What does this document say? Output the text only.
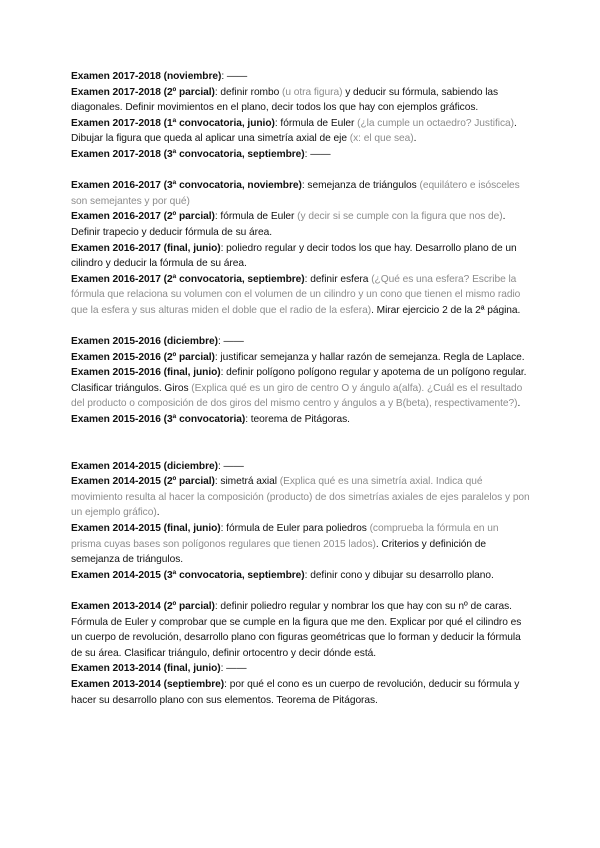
Examen 2017-2018 (noviembre): ——

Examen 2017-2018 (2º parcial): definir rombo (u otra figura) y deducir su fórmula, sabiendo las diagonales. Definir movimientos en el plano, decir todos los que hay con ejemplos gráficos.

Examen 2017-2018 (1ª convocatoria, junio): fórmula de Euler (¿la cumple un octaedro? Justifica). Dibujar la figura que queda al aplicar una simetría axial de eje (x: el que sea).

Examen 2017-2018 (3ª convocatoria, septiembre): ——

Examen 2016-2017 (3ª convocatoria, noviembre): semejanza de triángulos (equilátero e isósceles son semejantes y por qué)

Examen 2016-2017 (2º parcial): fórmula de Euler (y decir si se cumple con la figura que nos de). Definir trapecio y deducir fórmula de su área.

Examen 2016-2017 (final, junio): poliedro regular y decir todos los que hay. Desarrollo plano de un cilindro y deducir la fórmula de su área.

Examen 2016-2017 (2ª convocatoria, septiembre): definir esfera (¿Qué es una esfera? Escribe la fórmula que relaciona su volumen con el volumen de un cilindro y un cono que tienen el mismo radio que la esfera y sus alturas miden el doble que el radio de la esfera). Mirar ejercicio 2 de la 2ª página.

Examen 2015-2016 (diciembre): ——

Examen 2015-2016 (2º parcial): justificar semejanza y hallar razón de semejanza. Regla de Laplace.

Examen 2015-2016 (final, junio): definir polígono polígono regular y apotema de un polígono regular. Clasificar triángulos. Giros (Explica qué es un giro de centro O y ángulo a(alfa). ¿Cuál es el resultado del producto o composición de dos giros del mismo centro y ángulos a y B(beta), respectivamente?).

Examen 2015-2016 (3ª convocatoria): teorema de Pitágoras.

Examen 2014-2015 (diciembre): ——

Examen 2014-2015 (2º parcial): simetrá axial (Explica qué es una simetría axial. Indica qué movimiento resulta al hacer la composición (producto) de dos simetrías axiales de ejes paralelos y pon un ejemplo gráfico).

Examen 2014-2015 (final, junio): fórmula de Euler para poliedros (comprueba la fórmula en un prisma cuyas bases son polígonos regulares que tienen 2015 lados). Criterios y definición de semejanza de triángulos.

Examen 2014-2015 (3ª convocatoria, septiembre): definir cono y dibujar su desarrollo plano.

Examen 2013-2014 (2º parcial): definir poliedro regular y nombrar los que hay con su nº de caras. Fórmula de Euler y comprobar que se cumple en la figura que me den. Explicar por qué el cilindro es un cuerpo de revolución, desarrollo plano con figuras geométricas que lo forman y deducir la fórmula de su área. Clasificar triángulo, definir ortocentro y decir dónde está.

Examen 2013-2014 (final, junio): ——

Examen 2013-2014 (septiembre): por qué el cono es un cuerpo de revolución, deducir su fórmula y hacer su desarrollo plano con sus elementos. Teorema de Pitágoras.
